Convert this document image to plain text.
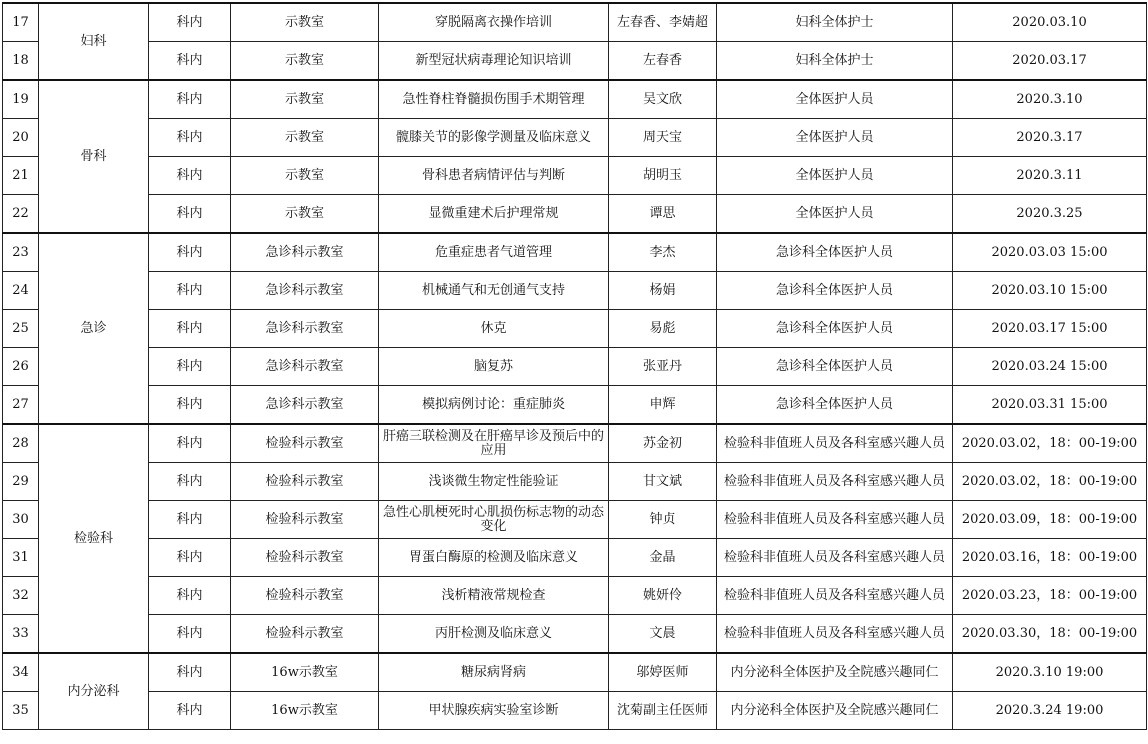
17	妇科	科内	示教室	穿脱隔离衣操作培训	左春香、李婧超	妇科全体护士	2020.03.10
18		科内	示教室	新型冠状病毒理论知识培训	左春香	妇科全体护士	2020.03.17
19	骨科	科内	示教室	急性脊柱脊髓损伤围手术期管理	吴文欣	全体医护人员	2020.3.10
20		科内	示教室	髋膝关节的影像学测量及临床意义	周天宝	全体医护人员	2020.3.17
21		科内	示教室	骨科患者病情评估与判断	胡明玉	全体医护人员	2020.3.11
22		科内	示教室	显微重建术后护理常规	谭思	全体医护人员	2020.3.25
23	急诊	科内	急诊科示教室	危重症患者气道管理	李杰	急诊科全体医护人员	2020.03.03 15:00
24		科内	急诊科示教室	机械通气和无创通气支持	杨娟	急诊科全体医护人员	2020.03.10 15:00
25		科内	急诊科示教室	休克	易彪	急诊科全体医护人员	2020.03.17 15:00
26		科内	急诊科示教室	脑复苏	张亚丹	急诊科全体医护人员	2020.03.24 15:00
27		科内	急诊科示教室	模拟病例讨论：重症肺炎	申辉	急诊科全体医护人员	2020.03.31 15:00
28	检验科	科内	检验科示教室	肝癌三联检测及在肝癌早诊及预后中的应用	苏金初	检验科非值班人员及各科室感兴趣人员	2020.03.02，18：00-19:00
29		科内	检验科示教室	浅谈微生物定性能验证	甘文斌	检验科非值班人员及各科室感兴趣人员	2020.03.02，18：00-19:00
30		科内	检验科示教室	急性心肌梗死时心肌损伤标志物的动态变化	钟贞	检验科非值班人员及各科室感兴趣人员	2020.03.09，18：00-19:00
31		科内	检验科示教室	胃蛋白酶原的检测及临床意义	金晶	检验科非值班人员及各科室感兴趣人员	2020.03.16，18：00-19:00
32		科内	检验科示教室	浅析精液常规检查	姚妍伶	检验科非值班人员及各科室感兴趣人员	2020.03.23，18：00-19:00
33		科内	检验科示教室	丙肝检测及临床意义	文晨	检验科非值班人员及各科室感兴趣人员	2020.03.30，18：00-19:00
34	内分泌科	科内	16w示教室	糖尿病肾病	邬婷医师	内分泌科全体医护及全院感兴趣同仁	2020.3.10 19:00
35		科内	16w示教室	甲状腺疾病实验室诊断	沈菊副主任医师	内分泌科全体医护及全院感兴趣同仁	2020.3.24 19:00
